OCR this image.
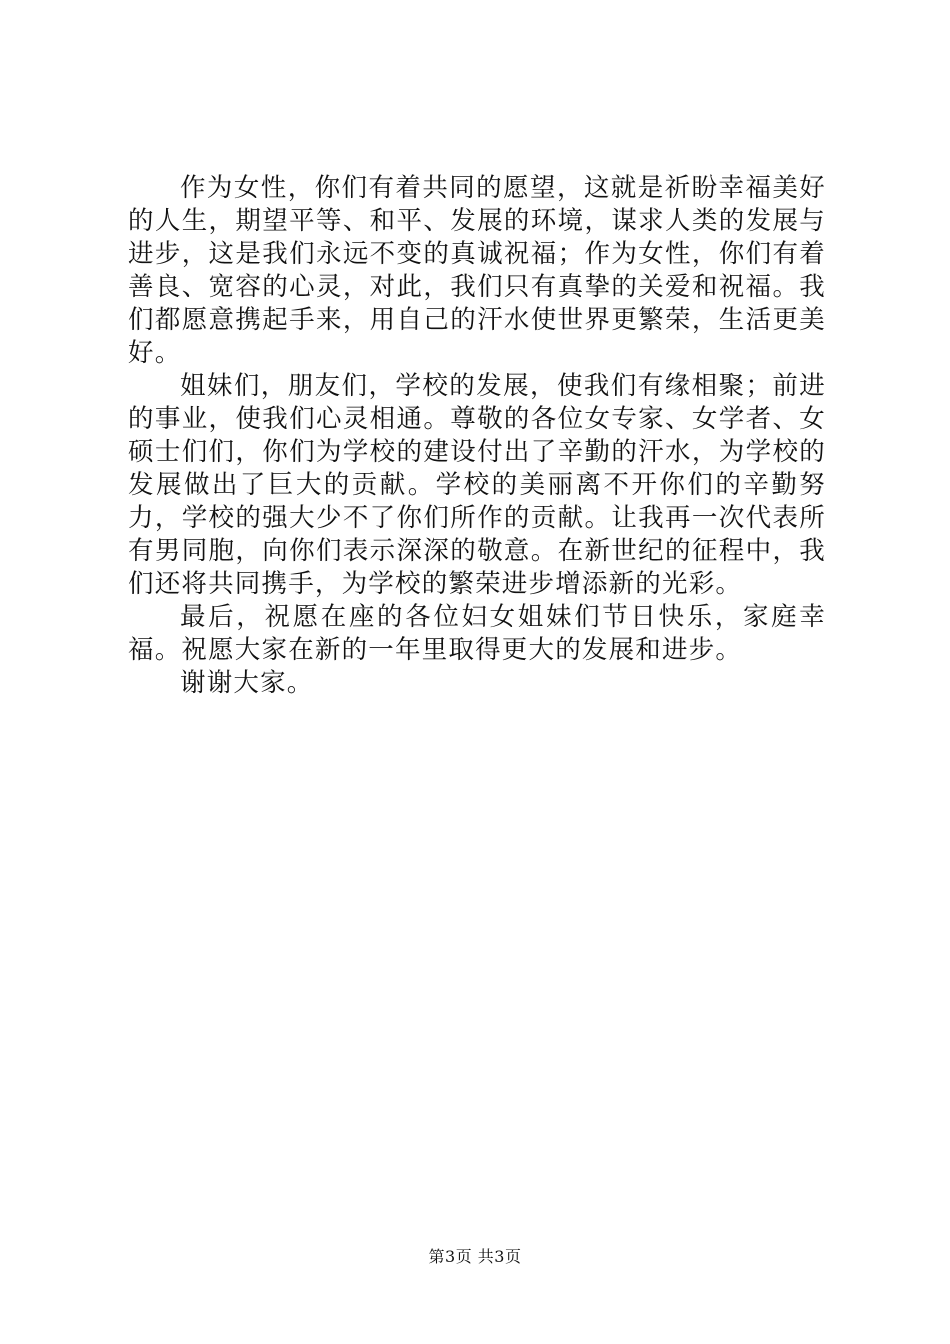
作为女性，你们有着共同的愿望，这就是祈盼幸福美好的人生，期望平等、和平、发展的环境，谋求人类的发展与进步，这是我们永远不变的真诚祝福；作为女性，你们有着善良、宽容的心灵，对此，我们只有真挚的关爱和祝福。我们都愿意携起手来，用自己的汗水使世界更繁荣，生活更美好。

姐妹们，朋友们，学校的发展，使我们有缘相聚；前进的事业，使我们心灵相通。尊敬的各位女专家、女学者、女硕士们们，你们为学校的建设付出了辛勤的汗水，为学校的发展做出了巨大的贡献。学校的美丽离不开你们的辛勤努力，学校的强大少不了你们所作的贡献。让我再一次代表所有男同胞，向你们表示深深的敬意。在新世纪的征程中，我们还将共同携手，为学校的繁荣进步增添新的光彩。

最后，祝愿在座的各位妇女姐妹们节日快乐，家庭幸福。祝愿大家在新的一年里取得更大的发展和进步。

谢谢大家。

第3页 共3页
